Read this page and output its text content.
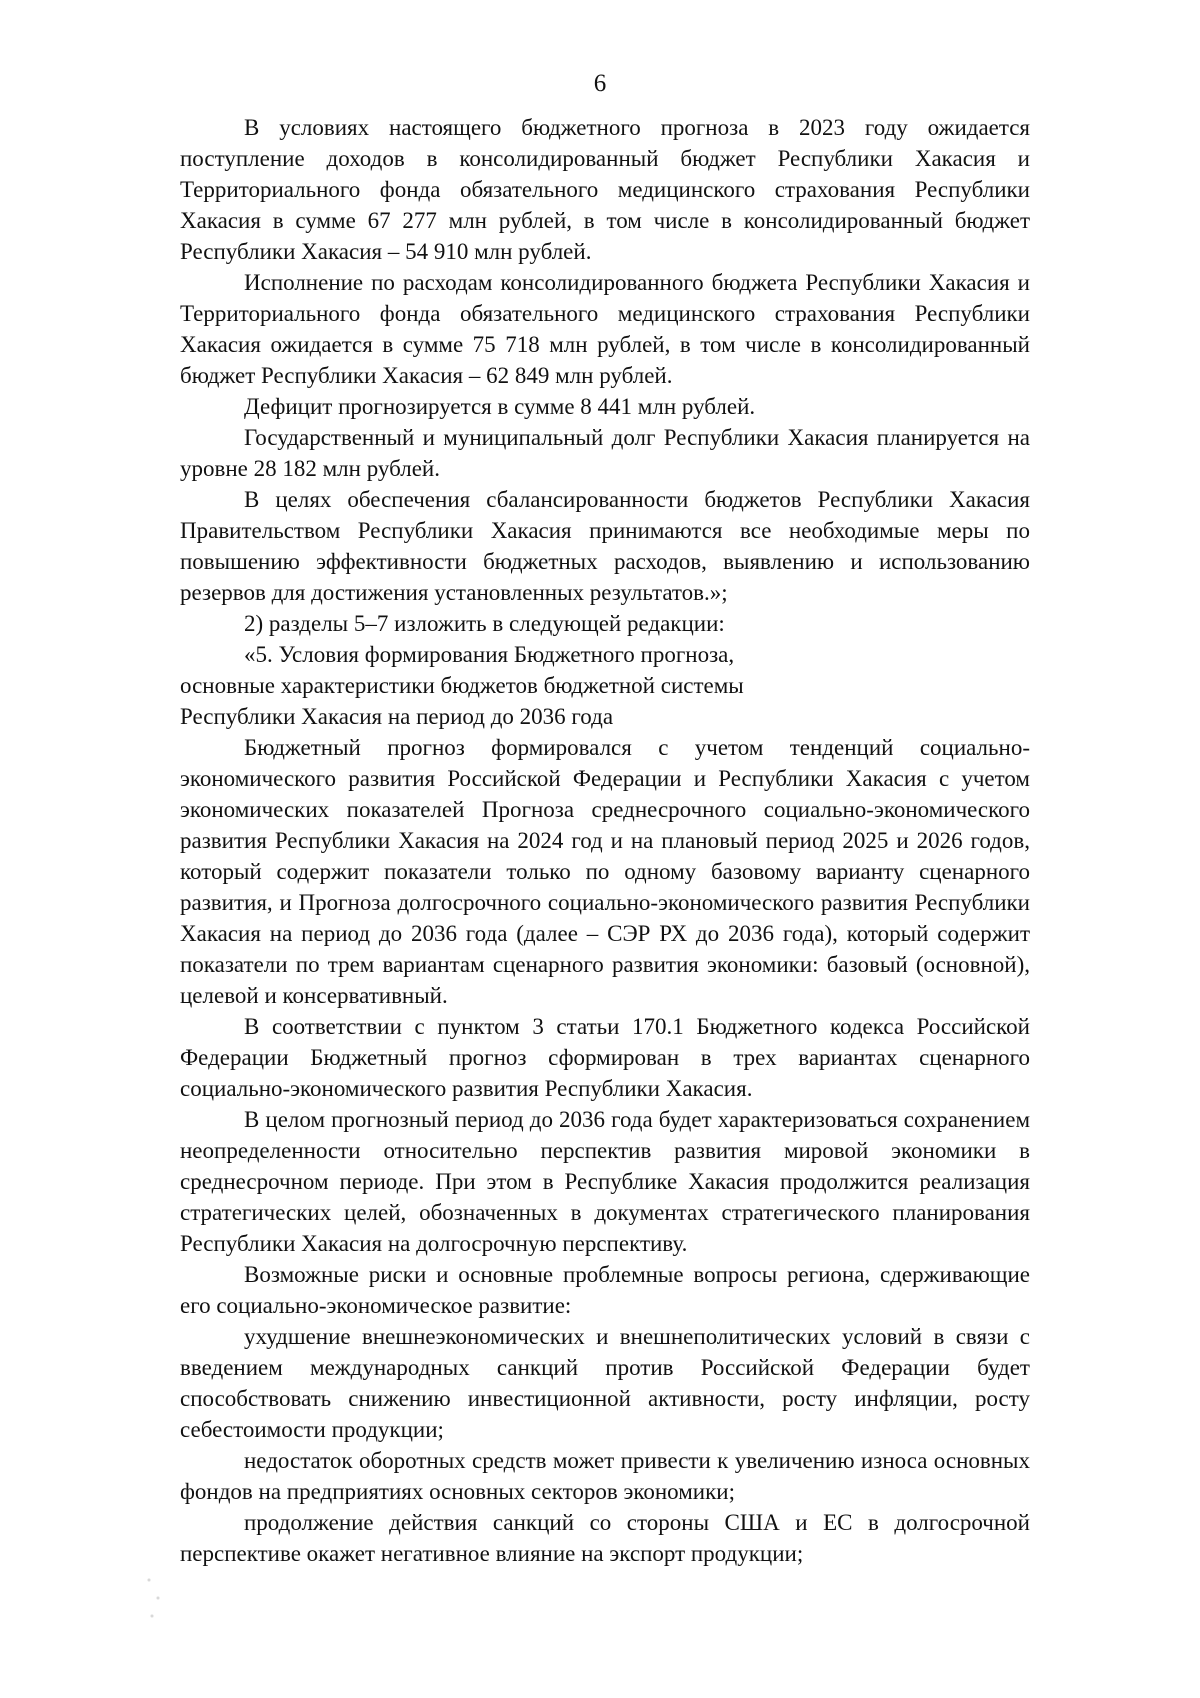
6

В условиях настоящего бюджетного прогноза в 2023 году ожидается поступление доходов в консолидированный бюджет Республики Хакасия и Территориального фонда обязательного медицинского страхования Республики Хакасия в сумме 67 277 млн рублей, в том числе в консолидированный бюджет Республики Хакасия – 54 910 млн рублей.

Исполнение по расходам консолидированного бюджета Республики Хакасия и Территориального фонда обязательного медицинского страхования Республики Хакасия ожидается в сумме 75 718 млн рублей, в том числе в консолидированный бюджет Республики Хакасия – 62 849 млн рублей.

Дефицит прогнозируется в сумме 8 441 млн рублей.

Государственный и муниципальный долг Республики Хакасия планируется на уровне 28 182 млн рублей.

В целях обеспечения сбалансированности бюджетов Республики Хакасия Правительством Республики Хакасия принимаются все необходимые меры по повышению эффективности бюджетных расходов, выявлению и использованию резервов для достижения установленных результатов.»;

2) разделы 5–7 изложить в следующей редакции:

«5. Условия формирования Бюджетного прогноза,
основные характеристики бюджетов бюджетной системы
Республики Хакасия на период до 2036 года

Бюджетный прогноз формировался с учетом тенденций социально-экономического развития Российской Федерации и Республики Хакасия с учетом экономических показателей Прогноза среднесрочного социально-экономического развития Республики Хакасия на 2024 год и на плановый период 2025 и 2026 годов, который содержит показатели только по одному базовому варианту сценарного развития, и Прогноза долгосрочного социально-экономического развития Республики Хакасия на период до 2036 года (далее – СЭР РХ до 2036 года), который содержит показатели по трем вариантам сценарного развития экономики: базовый (основной), целевой и консервативный.

В соответствии с пунктом 3 статьи 170.1 Бюджетного кодекса Российской Федерации Бюджетный прогноз сформирован в трех вариантах сценарного социально-экономического развития Республики Хакасия.

В целом прогнозный период до 2036 года будет характеризоваться сохранением неопределенности относительно перспектив развития мировой экономики в среднесрочном периоде. При этом в Республике Хакасия продолжится реализация стратегических целей, обозначенных в документах стратегического планирования Республики Хакасия на долгосрочную перспективу.

Возможные риски и основные проблемные вопросы региона, сдерживающие его социально-экономическое развитие:

ухудшение внешнеэкономических и внешнеполитических условий в связи с введением международных санкций против Российской Федерации будет способствовать снижению инвестиционной активности, росту инфляции, росту себестоимости продукции;

недостаток оборотных средств может привести к увеличению износа основных фондов на предприятиях основных секторов экономики;

продолжение действия санкций со стороны США и ЕС в долгосрочной перспективе окажет негативное влияние на экспорт продукции;
